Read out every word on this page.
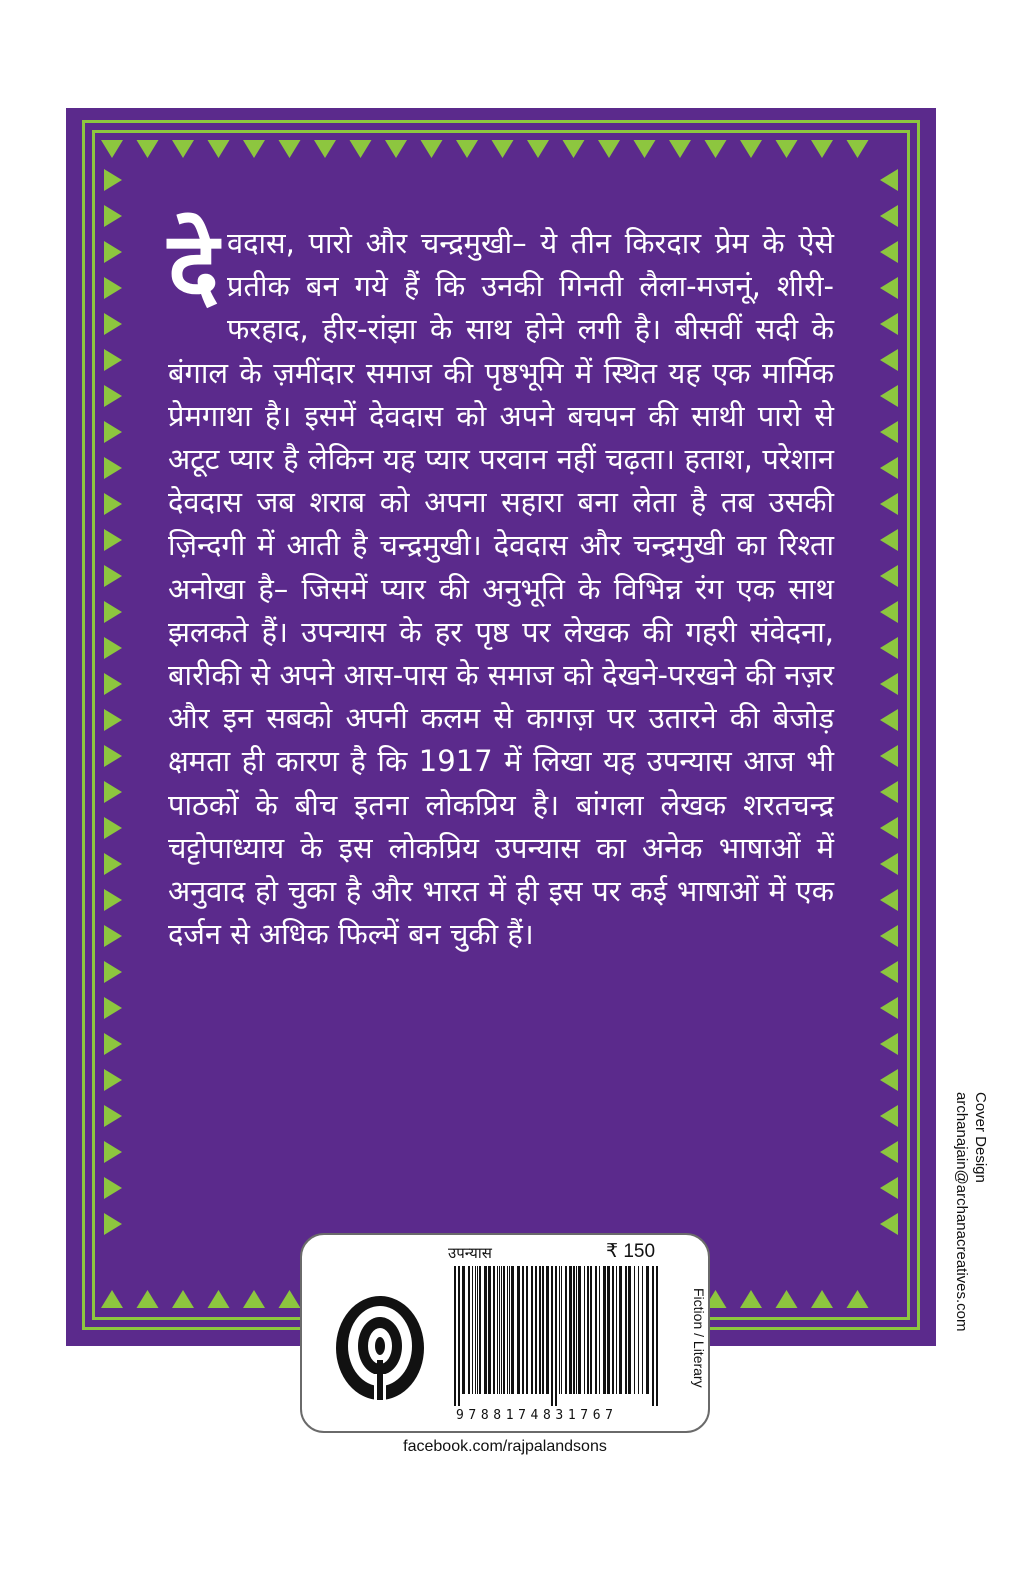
देवदास, पारो और चन्द्रमुखी– ये तीन किरदार प्रेम के ऐसे प्रतीक बन गये हैं कि उनकी गिनती लैला-मजनूं, शीरी-फरहाद, हीर-रांझा के साथ होने लगी है। बीसवीं सदी के बंगाल के ज़मींदार समाज की पृष्ठभूमि में स्थित यह एक मार्मिक प्रेमगाथा है। इसमें देवदास को अपने बचपन की साथी पारो से अटूट प्यार है लेकिन यह प्यार परवान नहीं चढ़ता। हताश, परेशान देवदास जब शराब को अपना सहारा बना लेता है तब उसकी ज़िन्दगी में आती है चन्द्रमुखी। देवदास और चन्द्रमुखी का रिश्ता अनोखा है– जिसमें प्यार की अनुभूति के विभिन्न रंग एक साथ झलकते हैं। उपन्यास के हर पृष्ठ पर लेखक की गहरी संवेदना, बारीकी से अपने आस-पास के समाज को देखने-परखने की नज़र और इन सबको अपनी कलम से कागज़ पर उतारने की बेजोड़ क्षमता ही कारण है कि 1917 में लिखा यह उपन्यास आज भी पाठकों के बीच इतना लोकप्रिय है। बांगला लेखक शरतचन्द्र चट्टोपाध्याय के इस लोकप्रिय उपन्यास का अनेक भाषाओं में अनुवाद हो चुका है और भारत में ही इस पर कई भाषाओं में एक दर्जन से अधिक फिल्में बन चुकी हैं।
उपन्यास	₹ 150
9788174831767
Fiction / Literary
Cover Design
archanajain@archanacreatives.com
facebook.com/rajpalandsons
